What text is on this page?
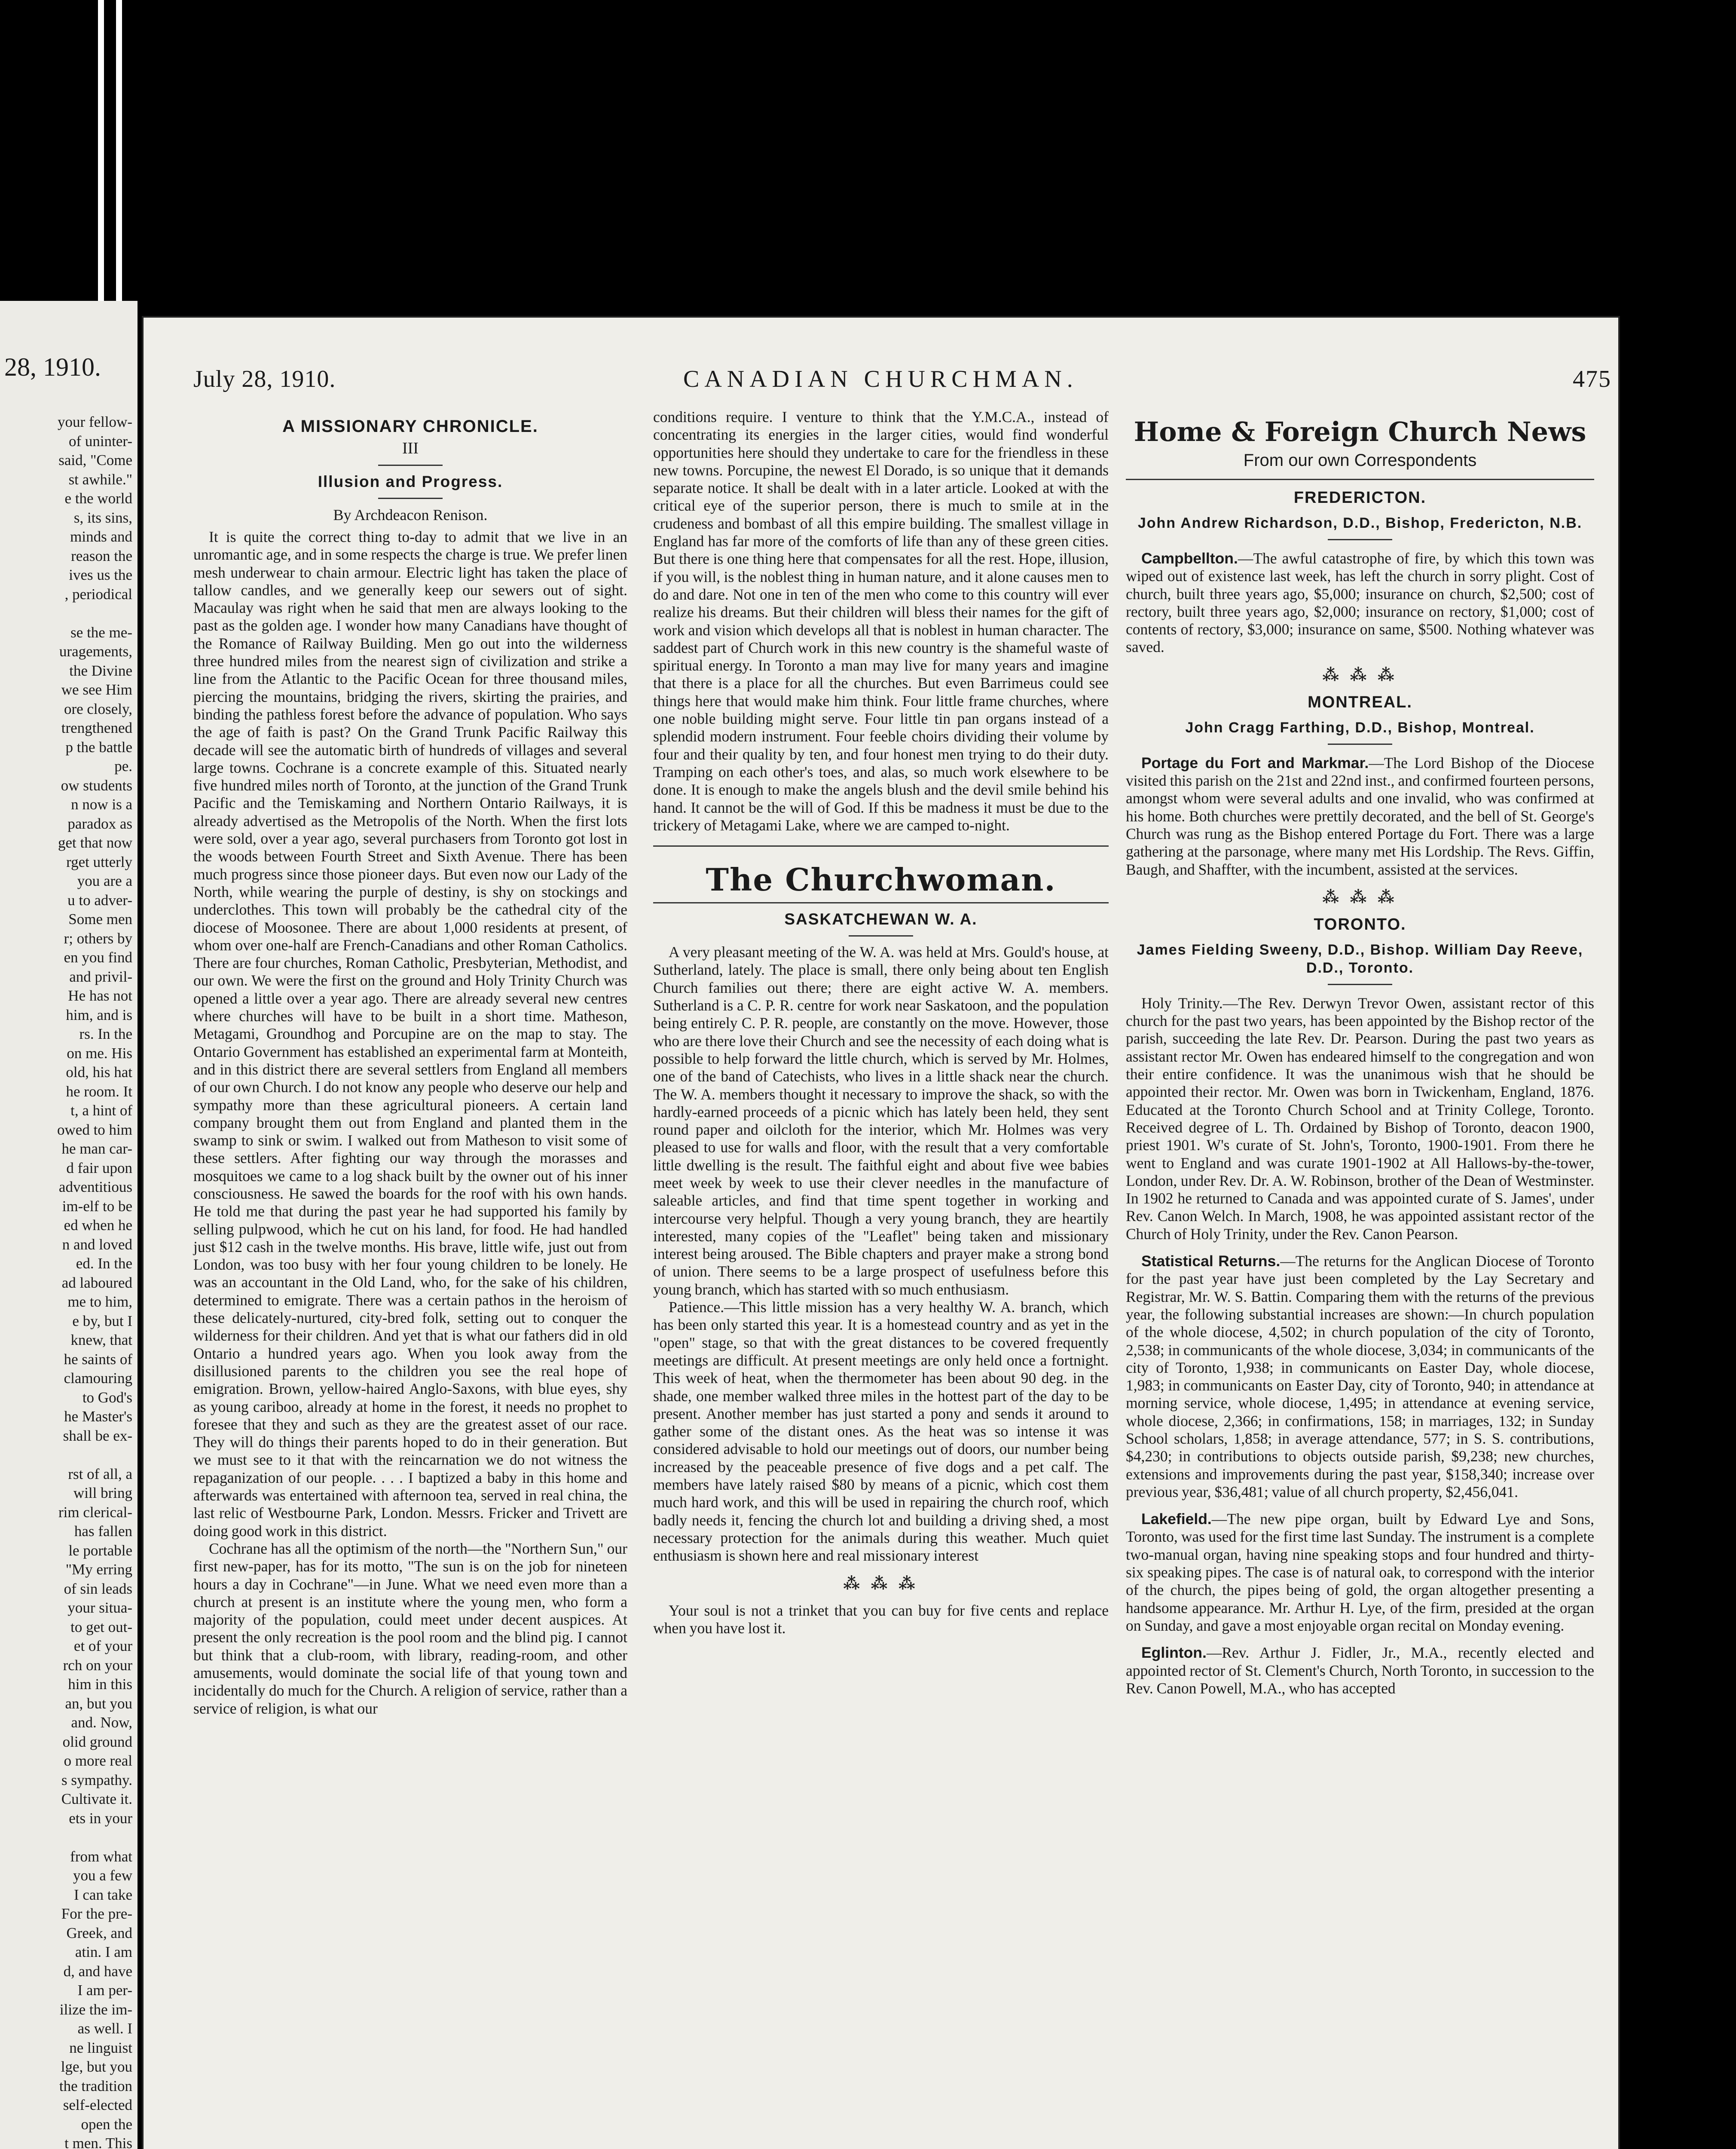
28, 1910.
your fellow-
of uninter-
said, "Come
st awhile."
e the world
s, its sins,
minds and
reason the
ives us the
, periodical

se the me-
uragements,
the Divine
we see Him
ore closely,
trengthened
p the battle
pe.
ow students
n now is a
paradox as
get that now
rget utterly
you are a
u to adver-
Some men
r; others by
en you find
and privil-
He has not
him, and is
rs. In the
on me. His
old, his hat
he room. It
t, a hint of
owed to him
he man car-
d fair upon
adventitious
im-elf to be
ed when he
n and loved
ed. In the
ad laboured
me to him,
e by, but I
knew, that
he saints of
clamouring
to God's
he Master's
shall be ex-

rst of all, a
will bring
rim clerical-
has fallen
le portable
"My erring
of sin leads
your situa-
to get out-
et of your
rch on your
him in this
an, but you
and. Now,
olid ground
o more real
s sympathy.
Cultivate it.
ets in your

from what
you a few
I can take
For the pre-
Greek, and
atin. I am
d, and have
I am per-
ilize the im-
as well. I
ne linguist
lge, but you
the tradition
self-elected
open the
t men. This

July 28, 1910.	CANADIAN CHURCHMAN.	475
A MISSIONARY CHRONICLE.
III
Illusion and Progress.
By Archdeacon Renison.

It is quite the correct thing to-day to admit that we live in an unromantic age, and in some respects the charge is true. We prefer linen mesh underwear to chain armour. Electric light has taken the place of tallow candles, and we generally keep our sewers out of sight. Macaulay was right when he said that men are always looking to the past as the golden age. I wonder how many Canadians have thought of the Romance of Railway Building. Men go out into the wilderness three hundred miles from the nearest sign of civilization and strike a line from the Atlantic to the Pacific Ocean for three thousand miles, piercing the mountains, bridging the rivers, skirting the prairies, and binding the pathless forest before the advance of population. Who says the age of faith is past? On the Grand Trunk Pacific Railway this decade will see the automatic birth of hundreds of villages and several large towns. Cochrane is a concrete example of this. Situated nearly five hundred miles north of Toronto, at the junction of the Grand Trunk Pacific and the Temiskaming and Northern Ontario Railways, it is already advertised as the Metropolis of the North. When the first lots were sold, over a year ago, several purchasers from Toronto got lost in the woods between Fourth Street and Sixth Avenue. There has been much progress since those pioneer days. But even now our Lady of the North, while wearing the purple of destiny, is shy on stockings and underclothes. This town will probably be the cathedral city of the diocese of Moosonee. There are about 1,000 residents at present, of whom over one-half are French-Canadians and other Roman Catholics. There are four churches, Roman Catholic, Presbyterian, Methodist, and our own. We were the first on the ground and Holy Trinity Church was opened a little over a year ago. There are already several new centres where churches will have to be built in a short time. Matheson, Metagami, Groundhog and Porcupine are on the map to stay. The Ontario Government has established an experimental farm at Monteith, and in this district there are several settlers from England all members of our own Church. I do not know any people who deserve our help and sympathy more than these agricultural pioneers. A certain land company brought them out from England and planted them in the swamp to sink or swim. I walked out from Matheson to visit some of these settlers. After fighting our way through the morasses and mosquitoes we came to a log shack built by the owner out of his inner consciousness. He sawed the boards for the roof with his own hands. He told me that during the past year he had supported his family by selling pulpwood, which he cut on his land, for food. He had handled just $12 cash in the twelve months. His brave, little wife, just out from London, was too busy with her four young children to be lonely. He was an accountant in the Old Land, who, for the sake of his children, determined to emigrate. There was a certain pathos in the heroism of these delicately-nurtured, city-bred folk, setting out to conquer the wilderness for their children. And yet that is what our fathers did in old Ontario a hundred years ago. When you look away from the disillusioned parents to the children you see the real hope of emigration. Brown, yellow-haired Anglo-Saxons, with blue eyes, shy as young cariboo, already at home in the forest, it needs no prophet to foresee that they and such as they are the greatest asset of our race. They will do things their parents hoped to do in their generation. But we must see to it that with the reincarnation we do not witness the repaganization of our people. . . . I baptized a baby in this home and afterwards was entertained with afternoon tea, served in real china, the last relic of Westbourne Park, London. Messrs. Fricker and Trivett are doing good work in this district.

Cochrane has all the optimism of the north—the "Northern Sun," our first new-paper, has for its motto, "The sun is on the job for nineteen hours a day in Cochrane"—in June. What we need even more than a church at present is an institute where the young men, who form a majority of the population, could meet under decent auspices. At present the only recreation is the pool room and the blind pig. I cannot but think that a club-room, with library, reading-room, and other amusements, would dominate the social life of that young town and incidentally do much for the Church. A religion of service, rather than a service of religion, is what our

conditions require. I venture to think that the Y.M.C.A., instead of concentrating its energies in the larger cities, would find wonderful opportunities here should they undertake to care for the friendless in these new towns. Porcupine, the newest El Dorado, is so unique that it demands separate notice. It shall be dealt with in a later article. Looked at with the critical eye of the superior person, there is much to smile at in the crudeness and bombast of all this empire building. The smallest village in England has far more of the comforts of life than any of these green cities. But there is one thing here that compensates for all the rest. Hope, illusion, if you will, is the noblest thing in human nature, and it alone causes men to do and dare. Not one in ten of the men who come to this country will ever realize his dreams. But their children will bless their names for the gift of work and vision which develops all that is noblest in human character. The saddest part of Church work in this new country is the shameful waste of spiritual energy. In Toronto a man may live for many years and imagine that there is a place for all the churches. But even Barrimeus could see things here that would make him think. Four little frame churches, where one noble building might serve. Four little tin pan organs instead of a splendid modern instrument. Four feeble choirs dividing their volume by four and their quality by ten, and four honest men trying to do their duty. Tramping on each other's toes, and alas, so much work elsewhere to be done. It is enough to make the angels blush and the devil smile behind his hand. It cannot be the will of God. If this be madness it must be due to the trickery of Metagami Lake, where we are camped to-night.

The Churchwoman.
SASKATCHEWAN W. A.

A very pleasant meeting of the W. A. was held at Mrs. Gould's house, at Sutherland, lately. The place is small, there only being about ten English Church families out there; there are eight active W. A. members. Sutherland is a C. P. R. centre for work near Saskatoon, and the population being entirely C. P. R. people, are constantly on the move. However, those who are there love their Church and see the necessity of each doing what is possible to help forward the little church, which is served by Mr. Holmes, one of the band of Catechists, who lives in a little shack near the church. The W. A. members thought it necessary to improve the shack, so with the hardly-earned proceeds of a picnic which has lately been held, they sent round paper and oilcloth for the interior, which Mr. Holmes was very pleased to use for walls and floor, with the result that a very comfortable little dwelling is the result. The faithful eight and about five wee babies meet week by week to use their clever needles in the manufacture of saleable articles, and find that time spent together in working and intercourse very helpful. Though a very young branch, they are heartily interested, many copies of the "Leaflet" being taken and missionary interest being aroused. The Bible chapters and prayer make a strong bond of union. There seems to be a large prospect of usefulness before this young branch, which has started with so much enthusiasm.

Patience.—This little mission has a very healthy W. A. branch, which has been only started this year. It is a homestead country and as yet in the "open" stage, so that with the great distances to be covered frequently meetings are difficult. At present meetings are only held once a fortnight. This week of heat, when the thermometer has been about 90 deg. in the shade, one member walked three miles in the hottest part of the day to be present. Another member has just started a pony and sends it around to gather some of the distant ones. As the heat was so intense it was considered advisable to hold our meetings out of doors, our number being increased by the peaceable presence of five dogs and a pet calf. The members have lately raised $80 by means of a picnic, which cost them much hard work, and this will be used in repairing the church roof, which badly needs it, fencing the church lot and building a driving shed, a most necessary protection for the animals during this weather. Much quiet enthusiasm is shown here and real missionary interest

⁂ ⁂ ⁂

Your soul is not a trinket that you can buy for five cents and replace when you have lost it.

Home & Foreign Church News
From our own Correspondents
FREDERICTON.
John Andrew Richardson, D.D., Bishop, Fredericton, N.B.

Campbellton.—The awful catastrophe of fire, by which this town was wiped out of existence last week, has left the church in sorry plight. Cost of church, built three years ago, $5,000; insurance on church, $2,500; cost of rectory, built three years ago, $2,000; insurance on rectory, $1,000; cost of contents of rectory, $3,000; insurance on same, $500. Nothing whatever was saved.

⁂ ⁂ ⁂
MONTREAL.
John Cragg Farthing, D.D., Bishop, Montreal.

Portage du Fort and Markmar.—The Lord Bishop of the Diocese visited this parish on the 21st and 22nd inst., and confirmed fourteen persons, amongst whom were several adults and one invalid, who was confirmed at his home. Both churches were prettily decorated, and the bell of St. George's Church was rung as the Bishop entered Portage du Fort. There was a large gathering at the parsonage, where many met His Lordship. The Revs. Giffin, Baugh, and Shaffter, with the incumbent, assisted at the services.

⁂ ⁂ ⁂
TORONTO.
James Fielding Sweeny, D.D., Bishop. William Day Reeve, D.D., Toronto.

Holy Trinity.—The Rev. Derwyn Trevor Owen, assistant rector of this church for the past two years, has been appointed by the Bishop rector of the parish, succeeding the late Rev. Dr. Pearson. During the past two years as assistant rector Mr. Owen has endeared himself to the congregation and won their entire confidence. It was the unanimous wish that he should be appointed their rector. Mr. Owen was born in Twickenham, England, 1876. Educated at the Toronto Church School and at Trinity College, Toronto. Received degree of L. Th. Ordained by Bishop of Toronto, deacon 1900, priest 1901. W's curate of St. John's, Toronto, 1900-1901. From there he went to England and was curate 1901-1902 at All Hallows-by-the-tower, London, under Rev. Dr. A. W. Robinson, brother of the Dean of Westminster. In 1902 he returned to Canada and was appointed curate of S. James', under Rev. Canon Welch. In March, 1908, he was appointed assistant rector of the Church of Holy Trinity, under the Rev. Canon Pearson.

Statistical Returns.—The returns for the Anglican Diocese of Toronto for the past year have just been completed by the Lay Secretary and Registrar, Mr. W. S. Battin. Comparing them with the returns of the previous year, the following substantial increases are shown:—In church population of the whole diocese, 4,502; in church population of the city of Toronto, 2,538; in communicants of the whole diocese, 3,034; in communicants of the city of Toronto, 1,938; in communicants on Easter Day, whole diocese, 1,983; in communicants on Easter Day, city of Toronto, 940; in attendance at morning service, whole diocese, 1,495; in attendance at evening service, whole diocese, 2,366; in confirmations, 158; in marriages, 132; in Sunday School scholars, 1,858; in average attendance, 577; in S. S. contributions, $4,230; in contributions to objects outside parish, $9,238; new churches, extensions and improvements during the past year, $158,340; increase over previous year, $36,481; value of all church property, $2,456,041.

Lakefield.—The new pipe organ, built by Edward Lye and Sons, Toronto, was used for the first time last Sunday. The instrument is a complete two-manual organ, having nine speaking stops and four hundred and thirty-six speaking pipes. The case is of natural oak, to correspond with the interior of the church, the pipes being of gold, the organ altogether presenting a handsome appearance. Mr. Arthur H. Lye, of the firm, presided at the organ on Sunday, and gave a most enjoyable organ recital on Monday evening.

Eglinton.—Rev. Arthur J. Fidler, Jr., M.A., recently elected and appointed rector of St. Clement's Church, North Toronto, in succession to the Rev. Canon Powell, M.A., who has accepted
